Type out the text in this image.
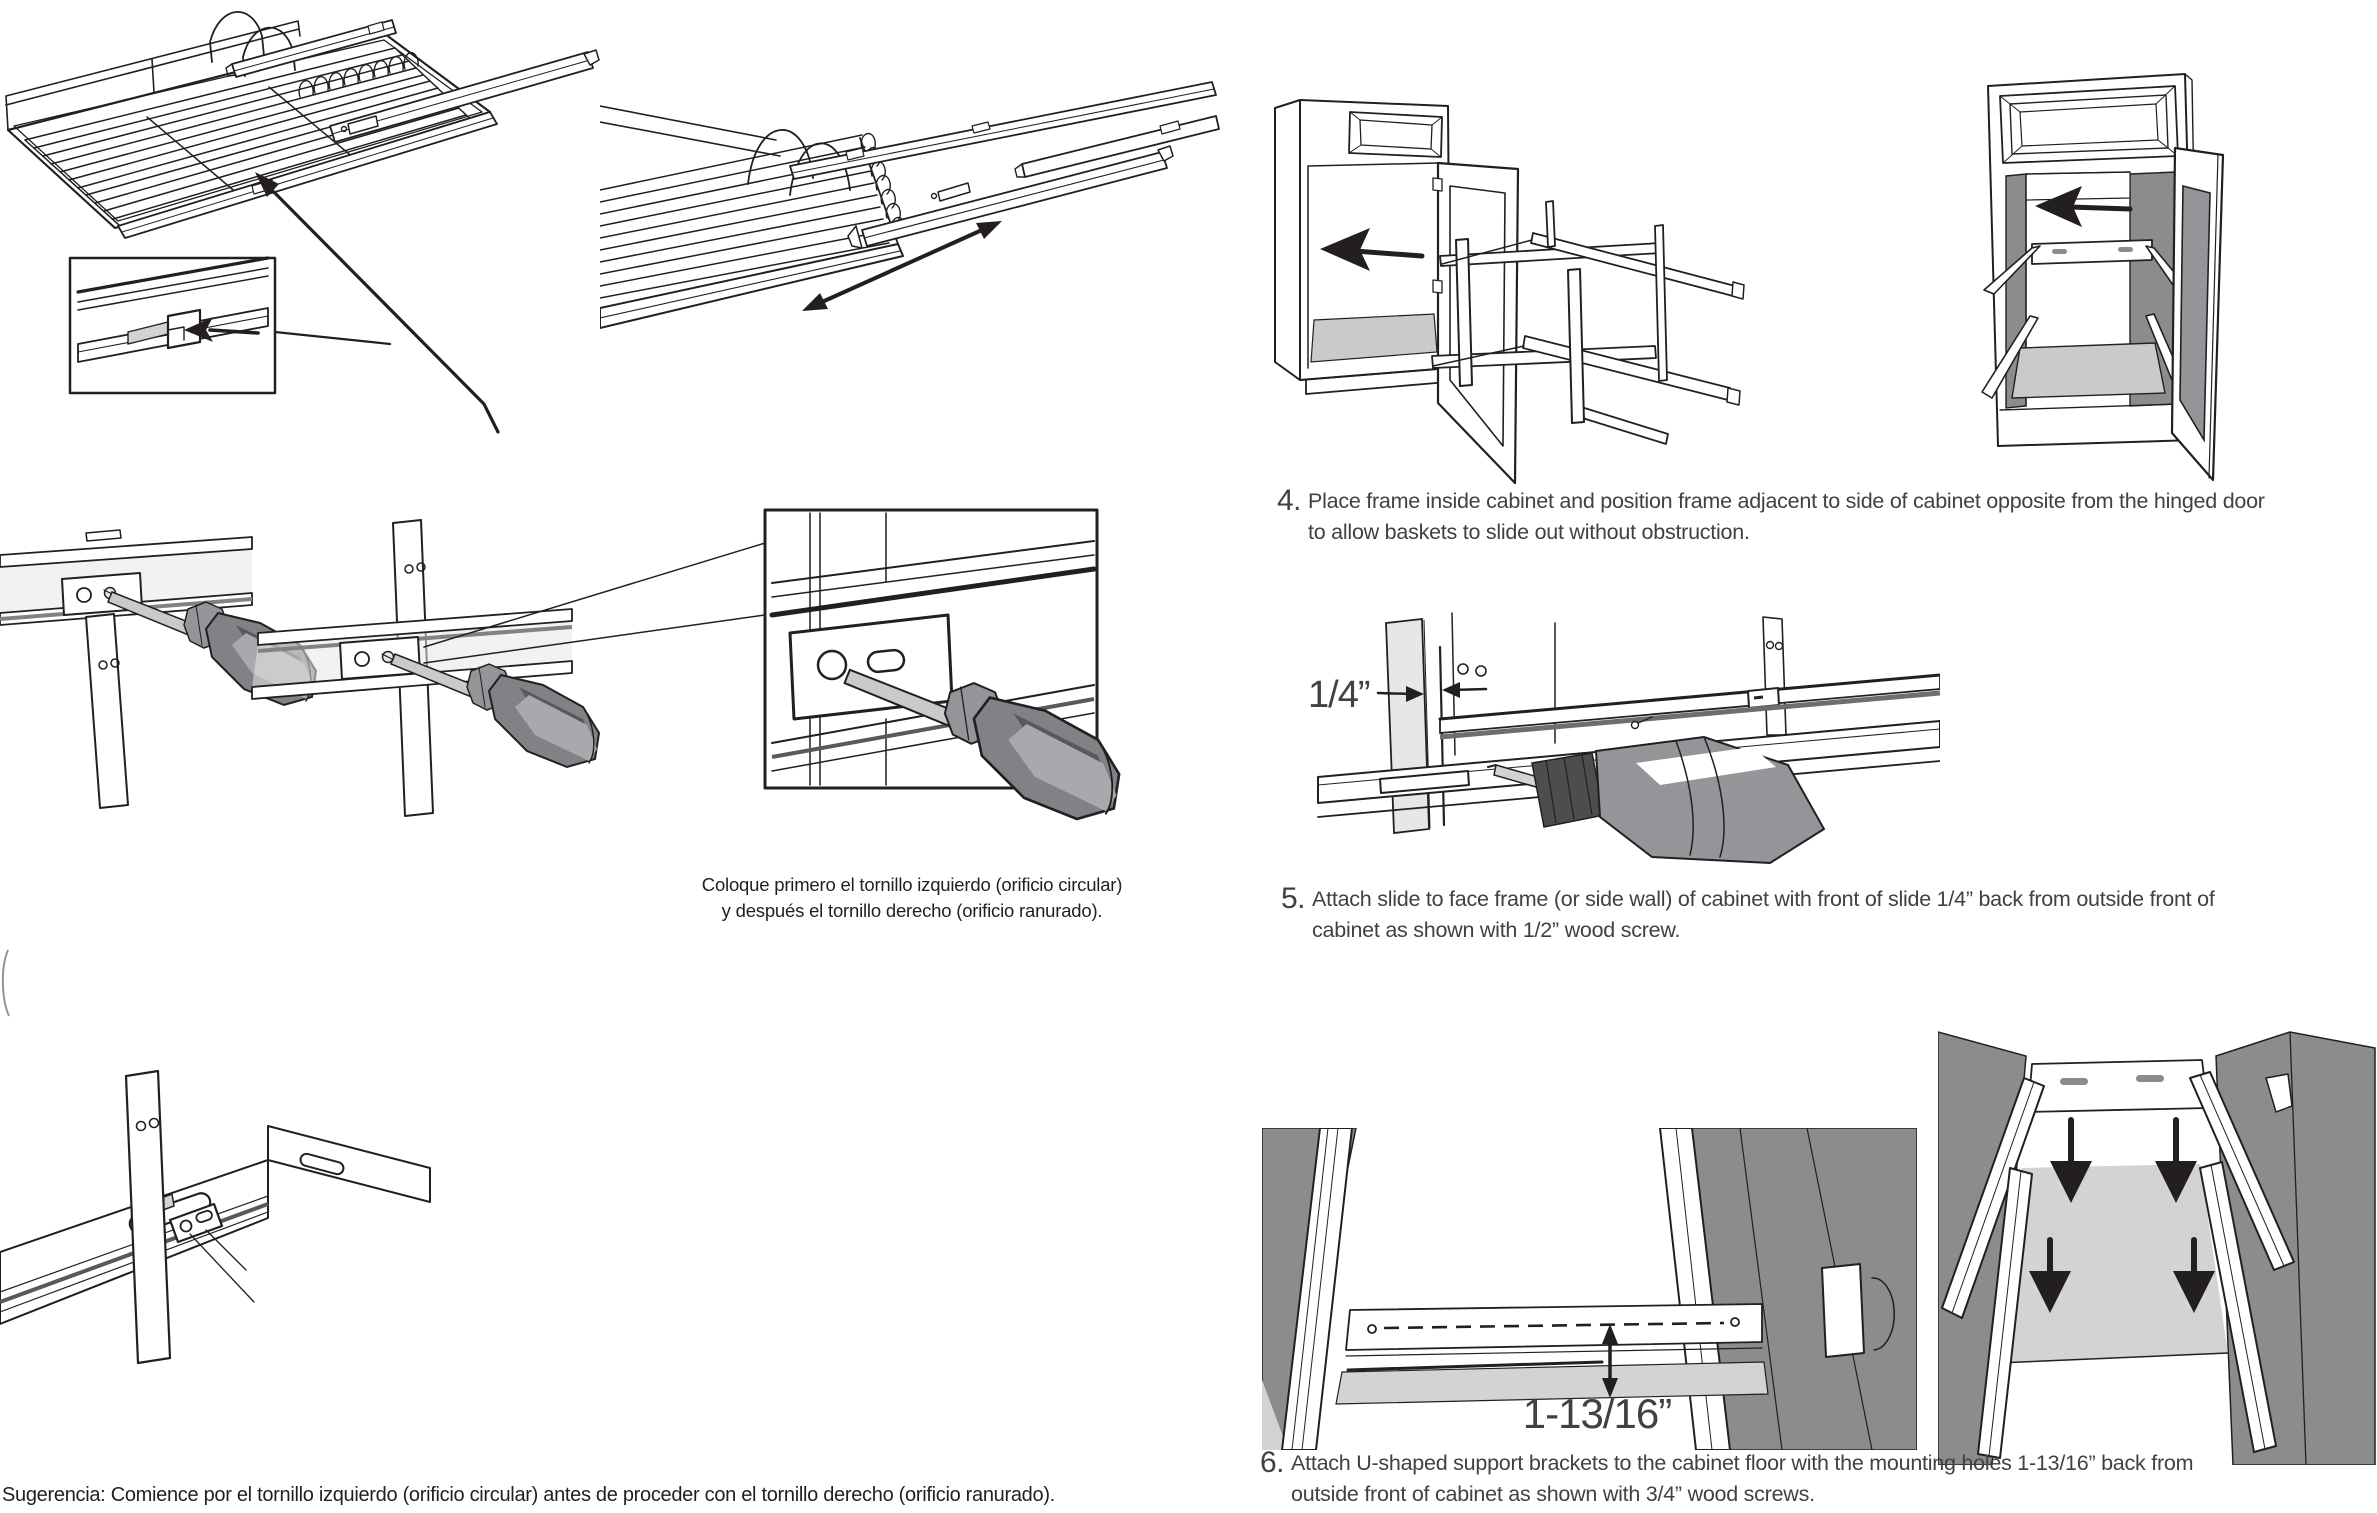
1/4”
1-13/16”
4. Place frame inside cabinet and position frame adjacent to side of cabinet opposite from the hinged door
to allow baskets to slide out without obstruction.
5. Attach slide to face frame (or side wall) of cabinet with front of slide 1/4” back from outside front of
cabinet as shown with 1/2” wood screw.
6. Attach U-shaped support brackets to the cabinet floor with the mounting holes 1-13/16” back from
outside front of cabinet as shown with 3/4” wood screws.
Coloque primero el tornillo izquierdo (orificio circular)
y después el tornillo derecho (orificio ranurado).
Sugerencia: Comience por el tornillo izquierdo (orificio circular) antes de proceder con el tornillo derecho (orificio ranurado).
